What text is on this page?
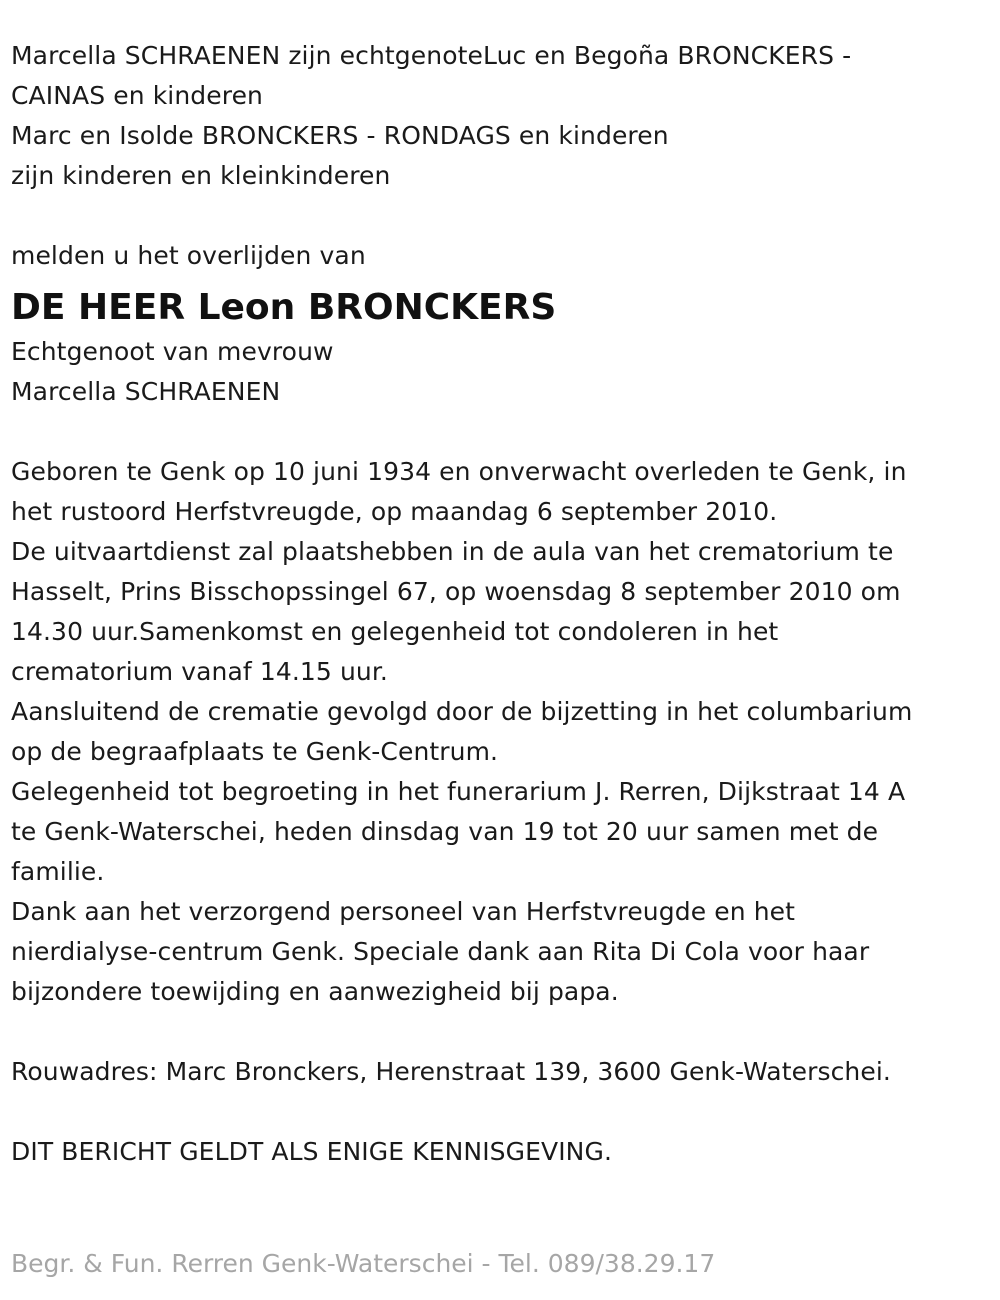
Marcella SCHRAENEN zijn echtgenoteLuc en Begoña BRONCKERS -
CAINAS en kinderen
Marc en Isolde BRONCKERS - RONDAGS en kinderen
zijn kinderen en kleinkinderen
melden u het overlijden van
DE HEER Leon BRONCKERS
Echtgenoot van mevrouw
Marcella SCHRAENEN
Geboren te Genk op 10 juni 1934 en onverwacht overleden te Genk, in
het rustoord Herfstvreugde, op maandag 6 september 2010.
De uitvaartdienst zal plaatshebben in de aula van het crematorium te
Hasselt, Prins Bisschopssingel 67, op woensdag 8 september 2010 om
14.30 uur.Samenkomst en gelegenheid tot condoleren in het
crematorium vanaf 14.15 uur.
Aansluitend de crematie gevolgd door de bijzetting in het columbarium
op de begraafplaats te Genk-Centrum.
Gelegenheid tot begroeting in het funerarium J. Rerren, Dijkstraat 14 A
te Genk-Waterschei, heden dinsdag van 19 tot 20 uur samen met de
familie.
Dank aan het verzorgend personeel van Herfstvreugde en het
nierdialyse-centrum Genk. Speciale dank aan Rita Di Cola voor haar
bijzondere toewijding en aanwezigheid bij papa.
Rouwadres: Marc Bronckers, Herenstraat 139, 3600 Genk-Waterschei.
DIT BERICHT GELDT ALS ENIGE KENNISGEVING.
Begr. & Fun. Rerren Genk-Waterschei - Tel. 089/38.29.17
